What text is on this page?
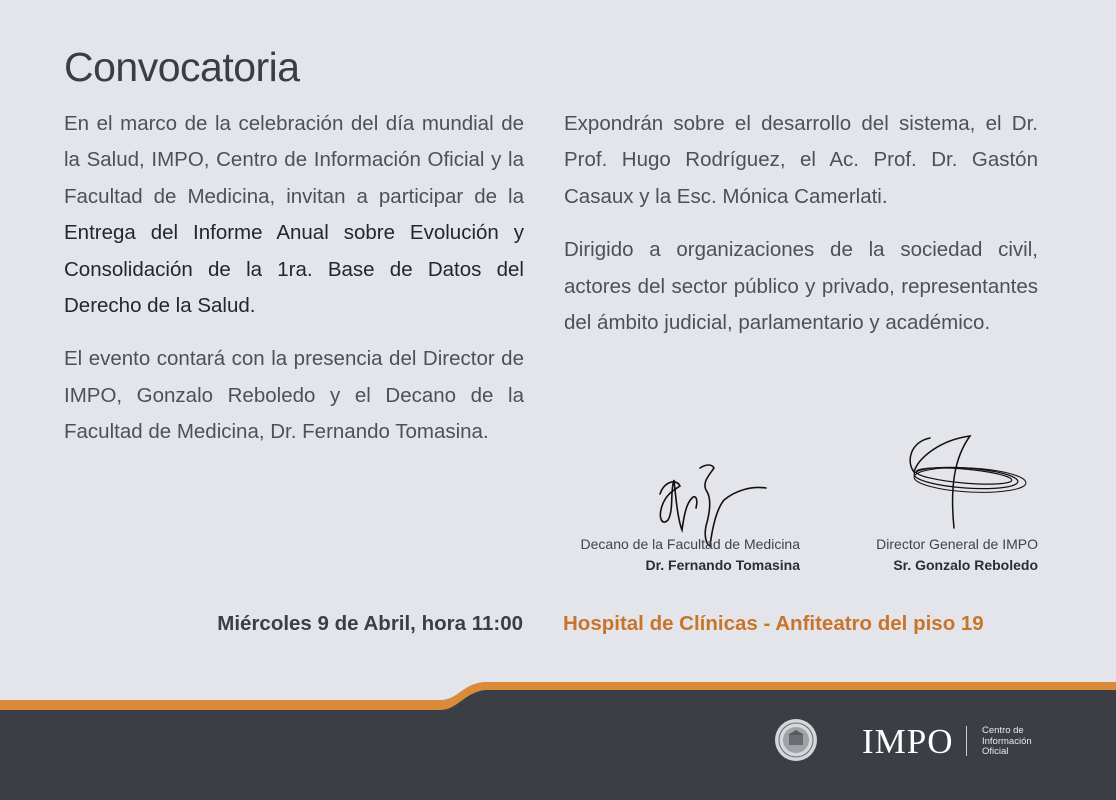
Convocatoria

En el marco de la celebración del día mundial de la Salud, IMPO, Centro de Información Oficial y la Facultad de Medicina, invitan a participar de la Entrega del Informe Anual sobre Evolución y Consolidación de la 1ra. Base de Datos del Derecho de la Salud.

El evento contará con la presencia del Director de IMPO, Gonzalo Reboledo y el Decano de la Facultad de Medicina, Dr. Fernando Tomasina.

Expondrán sobre el desarrollo del sistema, el Dr. Prof. Hugo Rodríguez, el Ac. Prof. Dr. Gastón Casaux y la Esc. Mónica Camerlati.

Dirigido a organizaciones de la sociedad civil, actores del sector público y privado, representantes del ámbito judicial, parlamentario y académico.

Decano de la Facultad de Medicina
Dr. Fernando Tomasina
Director General de IMPO
Sr. Gonzalo Reboledo
Miércoles 9 de Abril, hora 11:00 Hospital de Clínicas - Anfiteatro del piso 19
IMPO	Centro de
Información
Oficial
